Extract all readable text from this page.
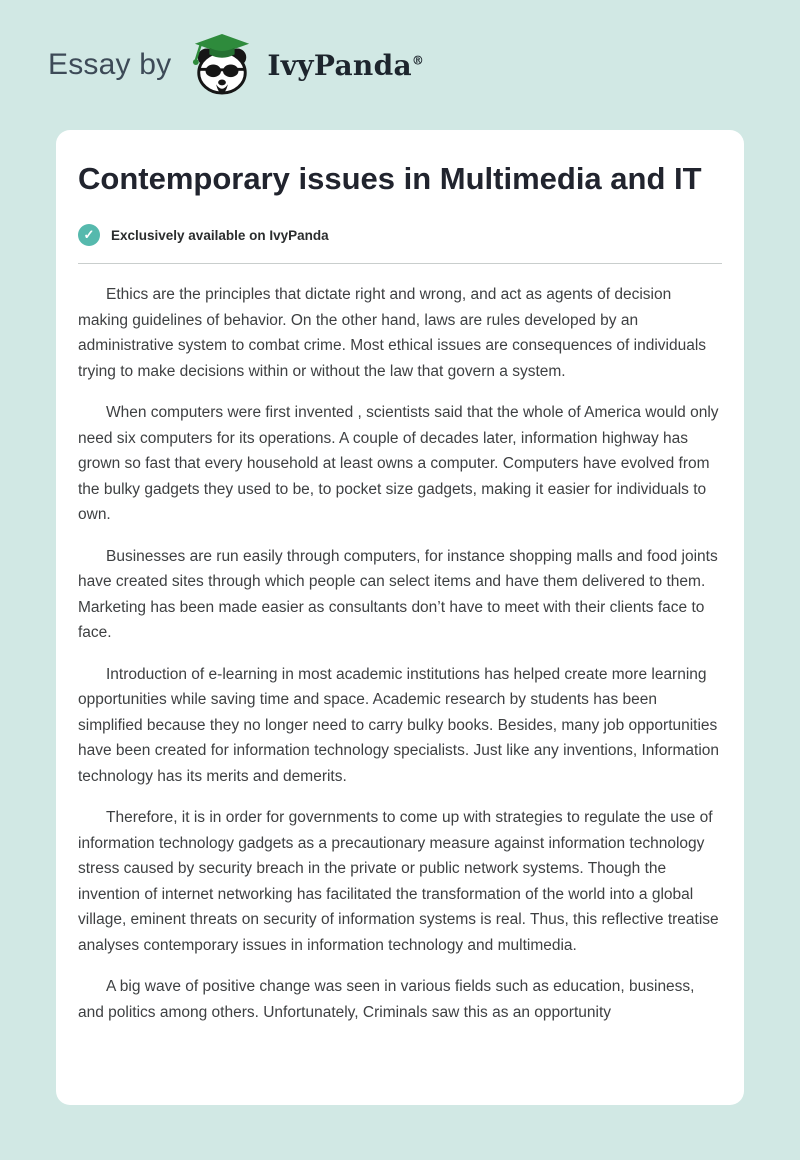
Essay by	IvyPanda®
Contemporary issues in Multimedia and IT
✓	Exclusively available on IvyPanda

Ethics are the principles that dictate right and wrong, and act as agents of decision making guidelines of behavior. On the other hand, laws are rules developed by an administrative system to combat crime. Most ethical issues are consequences of individuals trying to make decisions within or without the law that govern a system.

When computers were first invented , scientists said that the whole of America would only need six computers for its operations. A couple of decades later, information highway has grown so fast that every household at least owns a computer. Computers have evolved from the bulky gadgets they used to be, to pocket size gadgets, making it easier for individuals to own.

Businesses are run easily through computers, for instance shopping malls and food joints have created sites through which people can select items and have them delivered to them. Marketing has been made easier as consultants don’t have to meet with their clients face to face.

Introduction of e-learning in most academic institutions has helped create more learning opportunities while saving time and space. Academic research by students has been simplified because they no longer need to carry bulky books. Besides, many job opportunities have been created for information technology specialists. Just like any inventions, Information technology has its merits and demerits.

Therefore, it is in order for governments to come up with strategies to regulate the use of information technology gadgets as a precautionary measure against information technology stress caused by security breach in the private or public network systems. Though the invention of internet networking has facilitated the transformation of the world into a global village, eminent threats on security of information systems is real. Thus, this reflective treatise analyses contemporary issues in information technology and multimedia.

A big wave of positive change was seen in various fields such as education, business, and politics among others. Unfortunately, Criminals saw this as an opportunity
